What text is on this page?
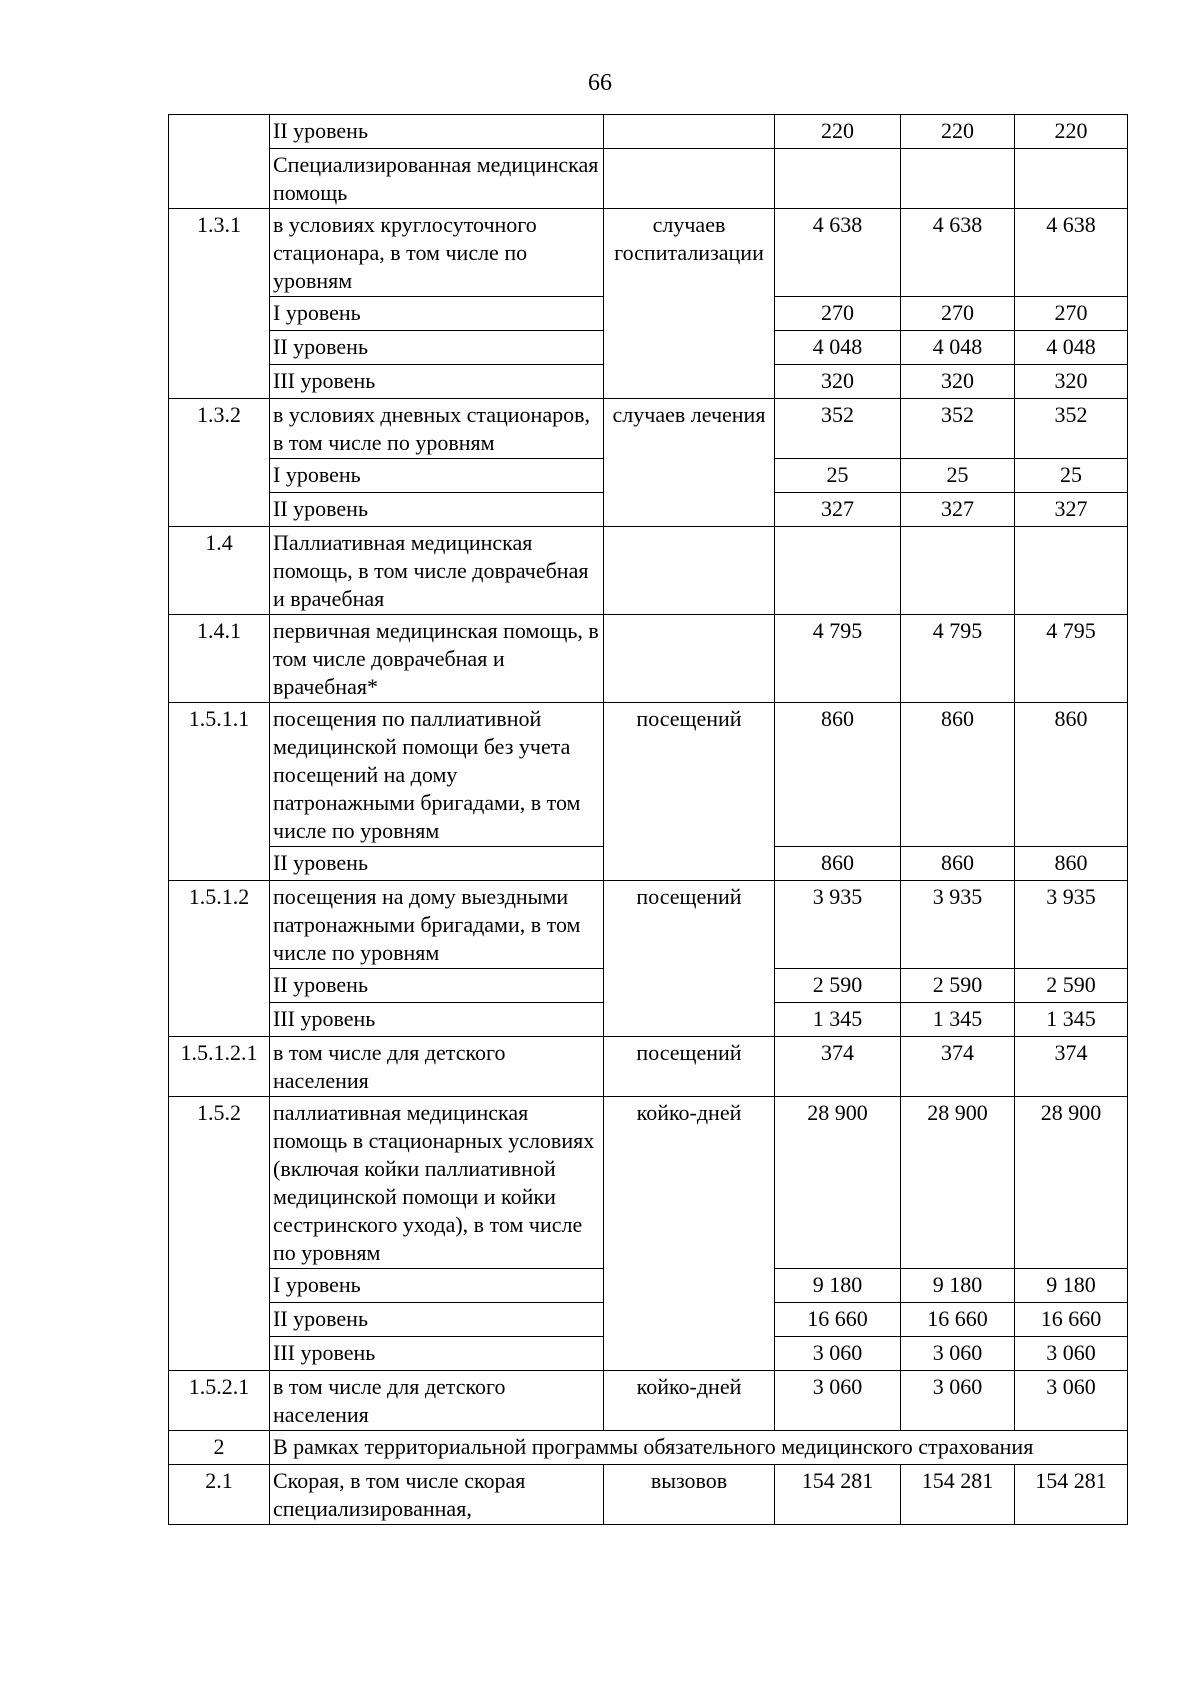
66
	II уровень		220	220	220
	Специализированная медицинская помощь				
1.3.1	в условиях круглосуточного стационара, в том числе по уровням	случаев госпитализации	4 638	4 638	4 638
	I уровень		270	270	270
	II уровень		4 048	4 048	4 048
	III уровень		320	320	320
1.3.2	в условиях дневных стационаров, в том числе по уровням	случаев лечения	352	352	352
	I уровень		25	25	25
	II уровень		327	327	327
1.4	Паллиативная медицинская помощь, в том числе доврачебная и врачебная				
1.4.1	первичная медицинская помощь, в том числе доврачебная и врачебная*		4 795	4 795	4 795
1.5.1.1	посещения по паллиативной медицинской помощи без учета посещений на дому патронажными бригадами, в том числе по уровням	посещений	860	860	860
	II уровень		860	860	860
1.5.1.2	посещения на дому выездными патронажными бригадами, в том числе по уровням	посещений	3 935	3 935	3 935
	II уровень		2 590	2 590	2 590
	III уровень		1 345	1 345	1 345
1.5.1.2.1	в том числе для детского населения	посещений	374	374	374
1.5.2	паллиативная медицинская помощь в стационарных условиях (включая койки паллиативной медицинской помощи и койки сестринского ухода), в том числе по уровням	койко-дней	28 900	28 900	28 900
	I уровень		9 180	9 180	9 180
	II уровень		16 660	16 660	16 660
	III уровень		3 060	3 060	3 060
1.5.2.1	в том числе для детского населения	койко-дней	3 060	3 060	3 060
2	В рамках территориальной программы обязательного медицинского страхования				
2.1	Скорая, в том числе скорая специализированная,	вызовов	154 281	154 281	154 281
